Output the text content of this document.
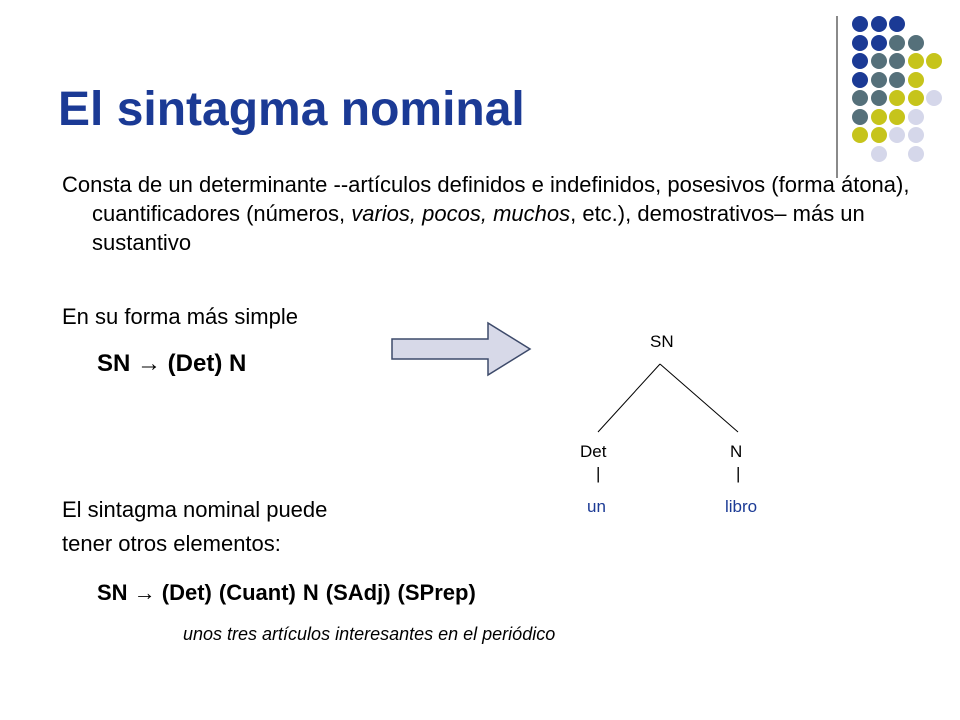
El sintagma nominal

Consta de un determinante --artículos definidos e indefinidos, posesivos (forma átona), cuantificadores (números, varios, pocos, muchos, etc.), demostrativos– más un sustantivo

En su forma más simple
SN → (Det) N
SN
Det	N
|	|
un	libro
El sintagma nominal puede
tener otros elementos:
SN → (Det) (Cuant) N (SAdj) (SPrep)
unos tres artículos interesantes en el periódico
